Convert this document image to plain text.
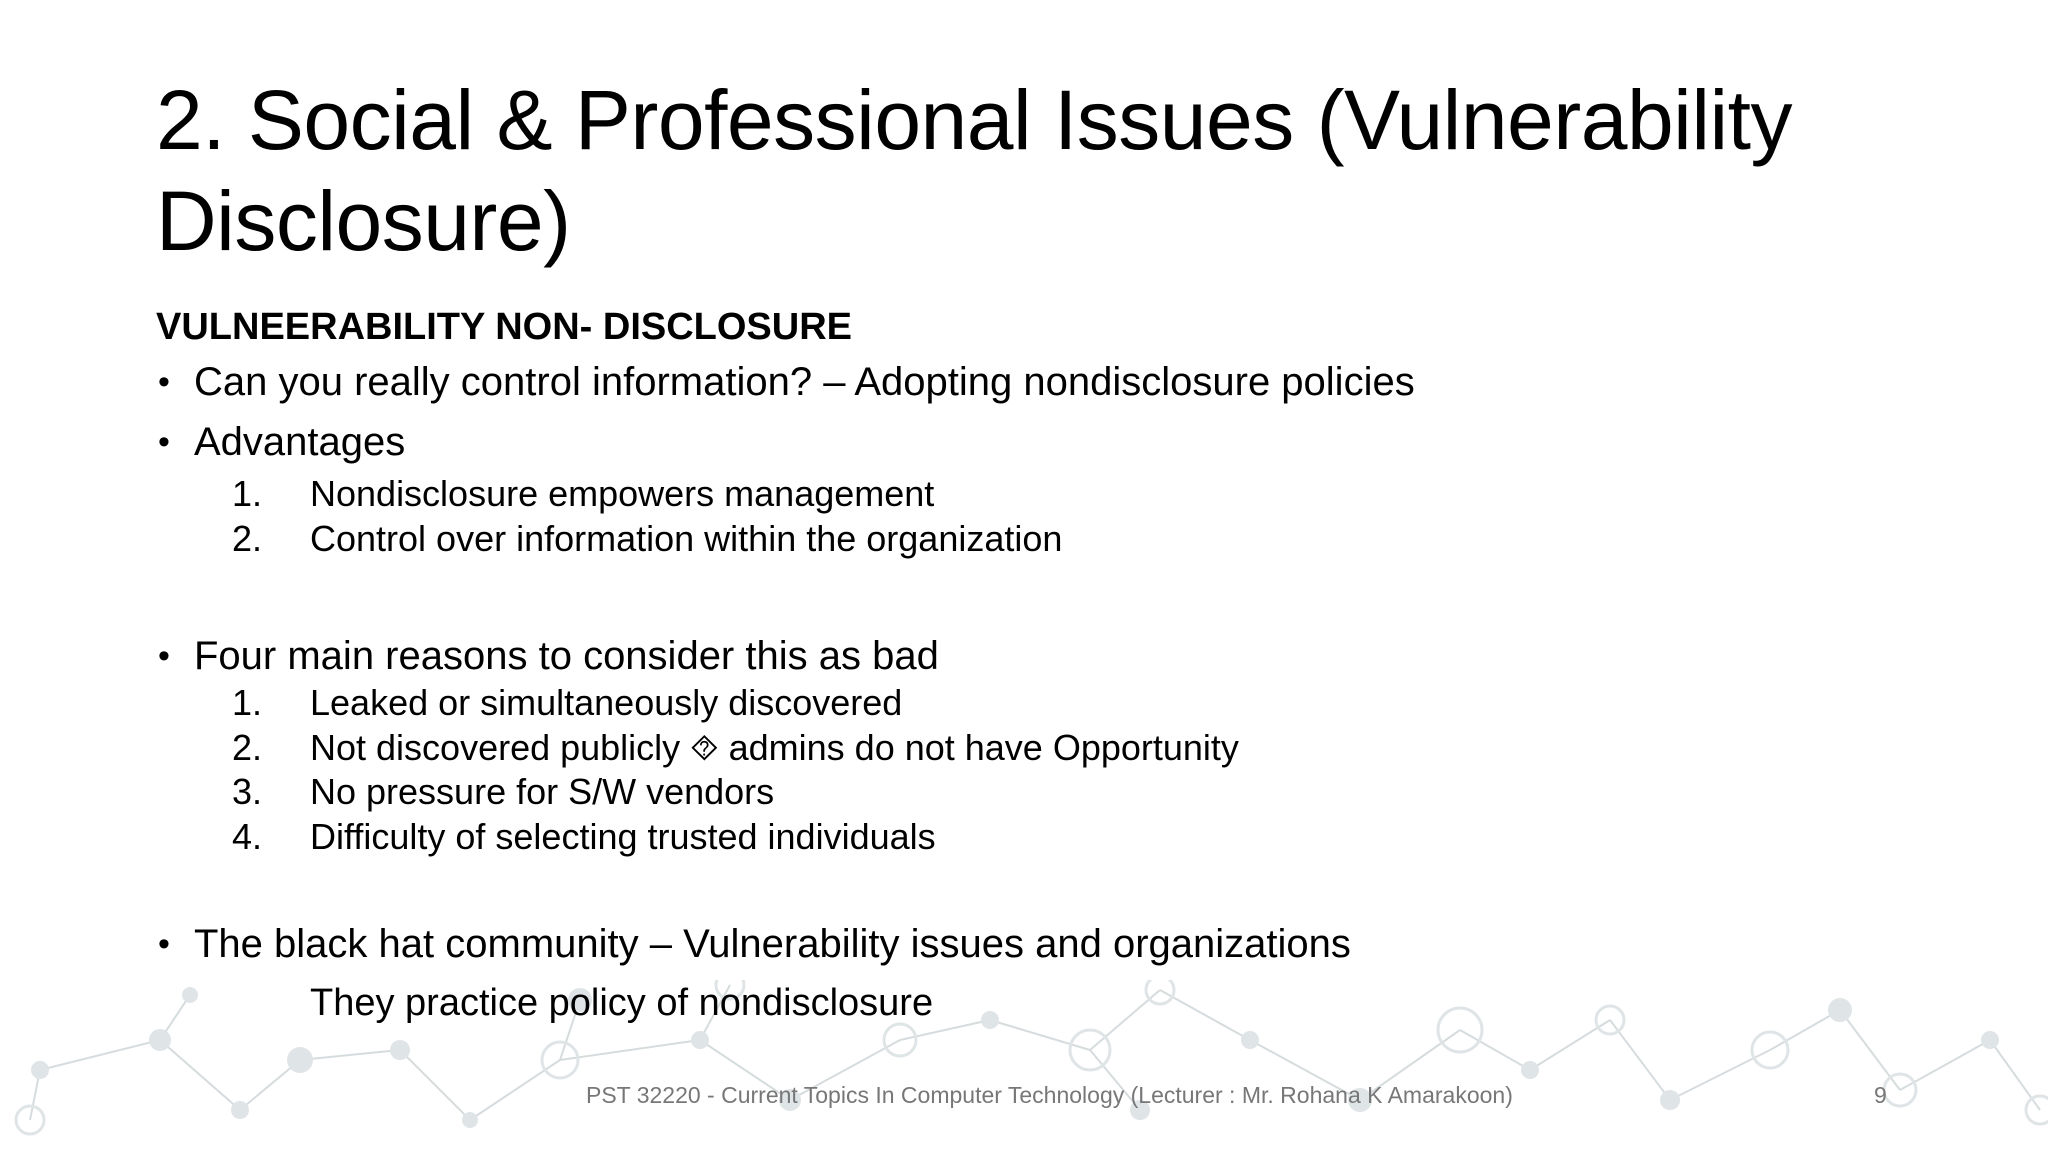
2. Social & Professional Issues (Vulnerability Disclosure)

VULNEERABILITY NON- DISCLOSURE

• Can you really control information? – Adopting nondisclosure policies

• Advantages

1. Nondisclosure empowers management
2. Control over information within the organization

• Four main reasons to consider this as bad

1. Leaked or simultaneously discovered
2. Not discovered publicly ⯑ admins do not have Opportunity
3. No pressure for S/W vendors
4. Difficulty of selecting trusted individuals

• The black hat community – Vulnerability issues and organizations

They practice policy of nondisclosure

PST 32220 - Current Topics In Computer Technology (Lecturer : Mr. Rohana K Amarakoon)	9
